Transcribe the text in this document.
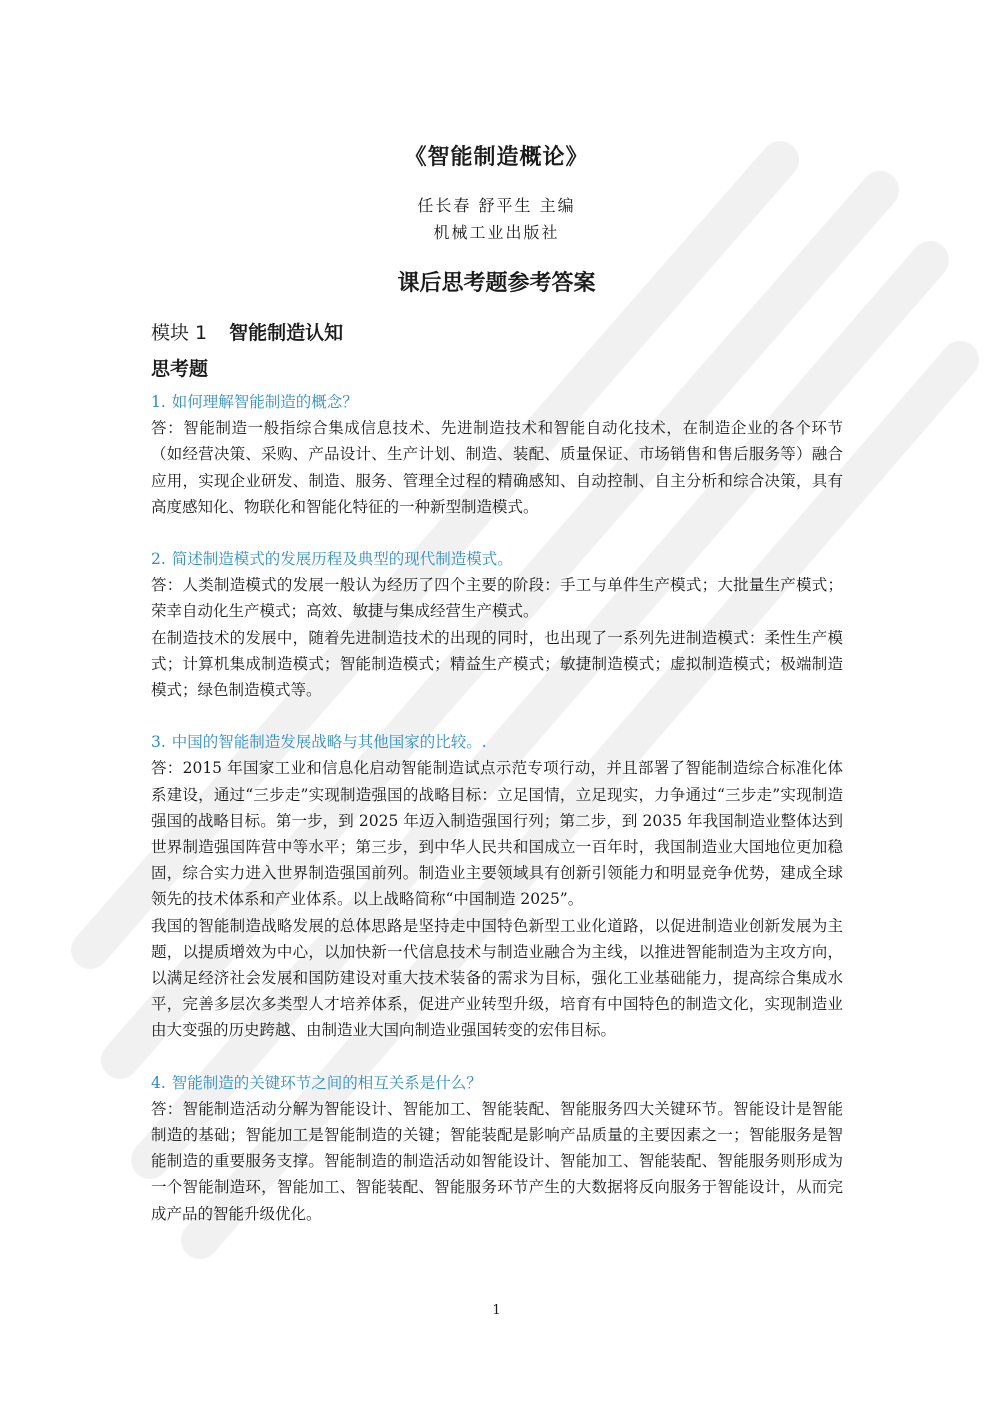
《智能制造概论》
任长春 舒平生 主编
机械工业出版社
课后思考题参考答案
模块 1 智能制造认知
思考题

1. 如何理解智能制造的概念？

答：智能制造一般指综合集成信息技术、先进制造技术和智能自动化技术，在制造企业的各个环节（如经营决策、采购、产品设计、生产计划、制造、装配、质量保证、市场销售和售后服务等）融合应用，实现企业研发、制造、服务、管理全过程的精确感知、自动控制、自主分析和综合决策，具有高度感知化、物联化和智能化特征的一种新型制造模式。

2. 简述制造模式的发展历程及典型的现代制造模式。

答：人类制造模式的发展一般认为经历了四个主要的阶段：手工与单件生产模式；大批量生产模式；荣幸自动化生产模式；高效、敏捷与集成经营生产模式。

在制造技术的发展中，随着先进制造技术的出现的同时，也出现了一系列先进制造模式：柔性生产模式；计算机集成制造模式；智能制造模式；精益生产模式；敏捷制造模式；虚拟制造模式；极端制造模式；绿色制造模式等。

3. 中国的智能制造发展战略与其他国家的比较。.

答：2015 年国家工业和信息化启动智能制造试点示范专项行动，并且部署了智能制造综合标准化体系建设，通过“三步走”实现制造强国的战略目标：立足国情，立足现实，力争通过“三步走”实现制造强国的战略目标。第一步，到 2025 年迈入制造强国行列；第二步，到 2035 年我国制造业整体达到世界制造强国阵营中等水平；第三步，到中华人民共和国成立一百年时，我国制造业大国地位更加稳固，综合实力进入世界制造强国前列。制造业主要领域具有创新引领能力和明显竞争优势，建成全球领先的技术体系和产业体系。以上战略简称“中国制造 2025”。

我国的智能制造战略发展的总体思路是坚持走中国特色新型工业化道路，以促进制造业创新发展为主题，以提质增效为中心，以加快新一代信息技术与制造业融合为主线，以推进智能制造为主攻方向，以满足经济社会发展和国防建设对重大技术装备的需求为目标，强化工业基础能力，提高综合集成水平，完善多层次多类型人才培养体系，促进产业转型升级，培育有中国特色的制造文化，实现制造业由大变强的历史跨越、由制造业大国向制造业强国转变的宏伟目标。

4. 智能制造的关键环节之间的相互关系是什么？

答：智能制造活动分解为智能设计、智能加工、智能装配、智能服务四大关键环节。智能设计是智能制造的基础；智能加工是智能制造的关键；智能装配是影响产品质量的主要因素之一；智能服务是智能制造的重要服务支撑。智能制造的制造活动如智能设计、智能加工、智能装配、智能服务则形成为一个智能制造环，智能加工、智能装配、智能服务环节产生的大数据将反向服务于智能设计，从而完成产品的智能升级优化。

1
